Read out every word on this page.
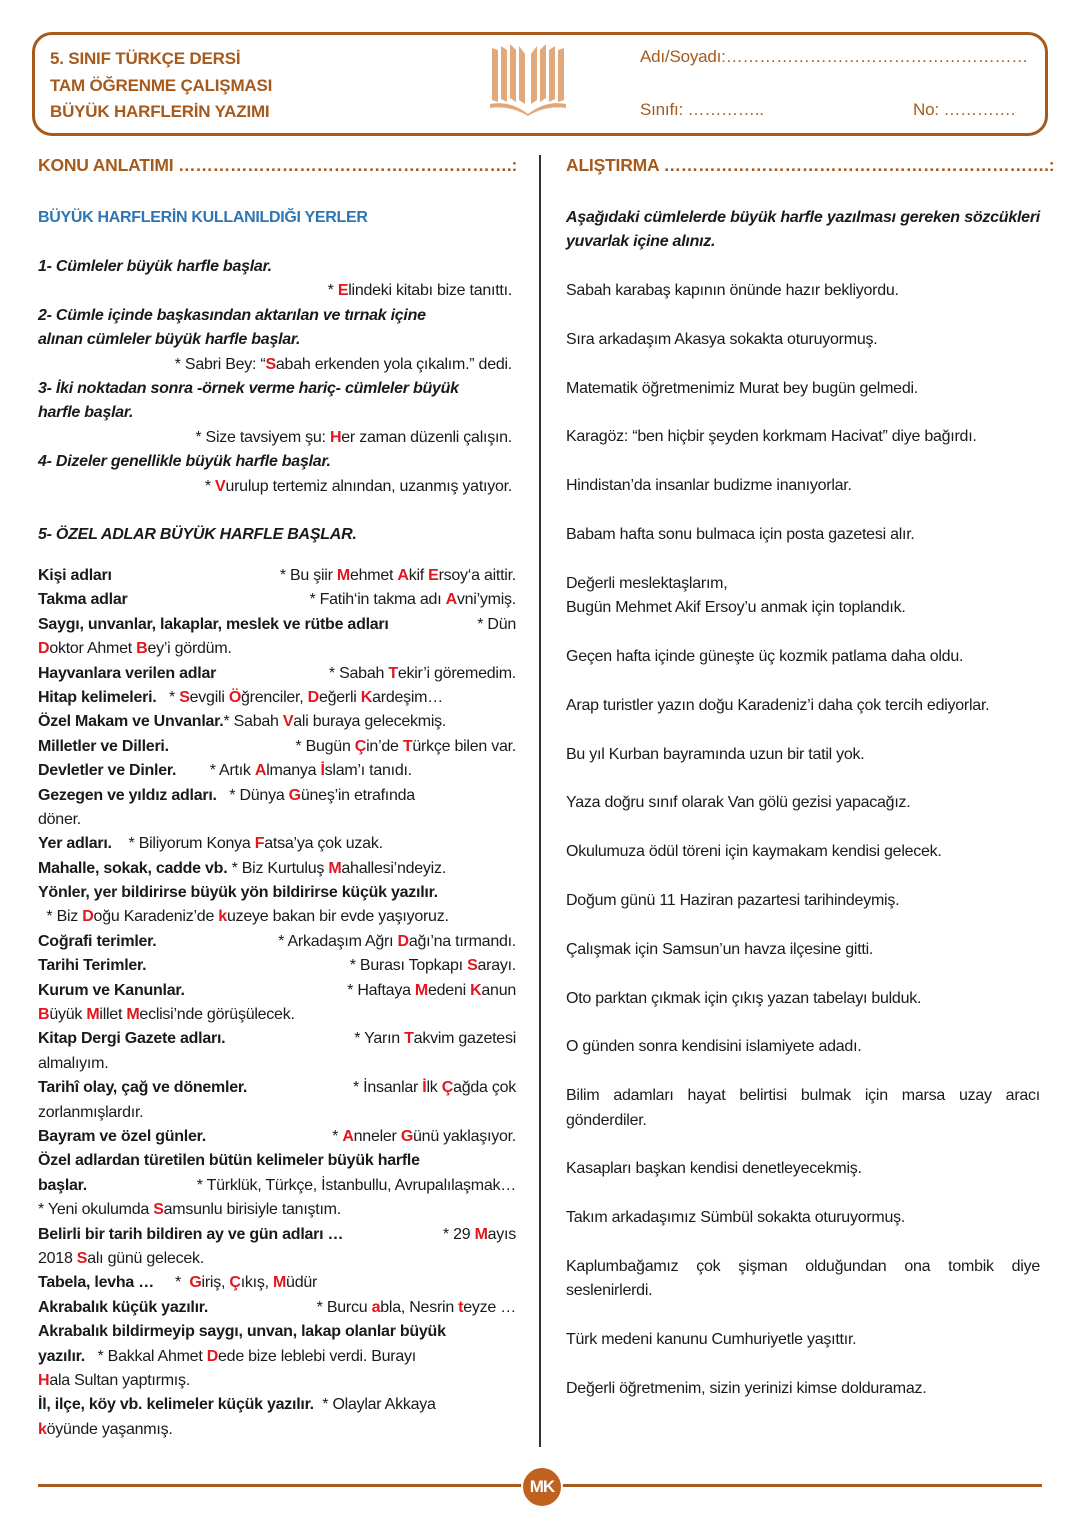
5. SINIF TÜRKÇE DERSİ
TAM ÖĞRENME ÇALIŞMASI
BÜYÜK HARFLERİN YAZIMI
Adı/Soyadı:………………………………………………
Sınıfı: …………..	No: ………….
KONU ANLATIMI ………………………………………………….:
BÜYÜK HARFLERİN KULLANILDIĞI YERLER
1- Cümleler büyük harfle başlar.
* Elindeki kitabı bize tanıttı.
2- Cümle içinde başkasından aktarılan ve tırnak içine
alınan cümleler büyük harfle başlar.
* Sabri Bey: “Sabah erkenden yola çıkalım.” dedi.
3- İki noktadan sonra -örnek verme hariç- cümleler büyük
harfle başlar.
* Size tavsiyem şu: Her zaman düzenli çalışın.
4- Dizeler genellikle büyük harfle başlar.
* Vurulup tertemiz alnından, uzanmış yatıyor.
5- ÖZEL ADLAR BÜYÜK HARFLE BAŞLAR.
Kişi adları	* Bu şiir Mehmet Akif Ersoy‘a aittir.
Takma adlar	* Fatih‘in takma adı Avni’ymiş.
Saygı, unvanlar, lakaplar, meslek ve rütbe adları	* Dün
Doktor Ahmet Bey’i gördüm.
Hayvanlara verilen adlar	* Sabah Tekir’i göremedim.
Hitap kelimeleri.   * Sevgili Öğrenciler, Değerli Kardeşim…
Özel Makam ve Unvanlar.* Sabah Vali buraya gelecekmiş.
Milletler ve Dilleri.	* Bugün Çin’de Türkçe bilen var.
Devletler ve Dinler.        * Artık Almanya İslam’ı tanıdı.
Gezegen ve yıldız adları.   * Dünya Güneş’in etrafında
döner.
Yer adları.    * Biliyorum Konya Fatsa’ya çok uzak.
Mahalle, sokak, cadde vb. * Biz Kurtuluş Mahallesi’ndeyiz.
Yönler, yer bildirirse büyük yön bildirirse küçük yazılır.
* Biz Doğu Karadeniz’de kuzeye bakan bir evde yaşıyoruz.
Coğrafi terimler.	* Arkadaşım Ağrı Dağı’na tırmandı.
Tarihi Terimler.	* Burası Topkapı Sarayı.
Kurum ve Kanunlar.	* Haftaya Medeni Kanun
Büyük Millet Meclisi’nde görüşülecek.
Kitap Dergi Gazete adları.	* Yarın Takvim gazetesi
almalıyım.
Tarihî olay, çağ ve dönemler.	* İnsanlar İlk Çağda çok
zorlanmışlardır.
Bayram ve özel günler.	* Anneler Günü yaklaşıyor.
Özel adlardan türetilen bütün kelimeler büyük harfle
başlar.	* Türklük, Türkçe, İstanbullu, Avrupalılaşmak…
* Yeni okulumda Samsunlu birisiyle tanıştım.
Belirli bir tarih bildiren ay ve gün adları …	* 29 Mayıs
2018 Salı günü gelecek.
Tabela, levha …     *  Giriş, Çıkış, Müdür
Akrabalık küçük yazılır.	* Burcu abla, Nesrin teyze …
Akrabalık bildirmeyip saygı, unvan, lakap olanlar büyük
yazılır.   * Bakkal Ahmet Dede bize leblebi verdi. Burayı
Hala Sultan yaptırmış.
İl, ilçe, köy vb. kelimeler küçük yazılır.  * Olaylar Akkaya
köyünde yaşanmış.
ALIŞTIRMA ………………………………………………………….:
Aşağıdaki cümlelerde büyük harfle yazılması gereken sözcükleri yuvarlak içine alınız.
Sabah karabaş kapının önünde hazır bekliyordu.
Sıra arkadaşım Akasya sokakta oturuyormuş.
Matematik öğretmenimiz Murat bey bugün gelmedi.
Karagöz: “ben hiçbir şeyden korkmam Hacivat” diye bağırdı.
Hindistan’da insanlar budizme inanıyorlar.
Babam hafta sonu bulmaca için posta gazetesi alır.
Değerli meslektaşlarım,
Bugün Mehmet Akif Ersoy’u anmak için toplandık.
Geçen hafta içinde güneşte üç kozmik patlama daha oldu.
Arap turistler yazın doğu Karadeniz’i daha çok tercih ediyorlar.
Bu yıl Kurban bayramında uzun bir tatil yok.
Yaza doğru sınıf olarak Van gölü gezisi yapacağız.
Okulumuza ödül töreni için kaymakam kendisi gelecek.
Doğum günü 11 Haziran pazartesi tarihindeymiş.
Çalışmak için Samsun’un havza ilçesine gitti.
Oto parktan çıkmak için çıkış yazan tabelayı bulduk.
O günden sonra kendisini islamiyete adadı.
Bilim adamları hayat belirtisi bulmak için marsa uzay aracı gönderdiler.
Kasapları başkan kendisi denetleyecekmiş.
Takım arkadaşımız Sümbül sokakta oturuyormuş.
Kaplumbağamız çok şişman olduğundan ona tombik diye seslenirlerdi.
Türk medeni kanunu Cumhuriyetle yaşıttır.
Değerli öğretmenim, sizin yerinizi kimse dolduramaz.
MK
